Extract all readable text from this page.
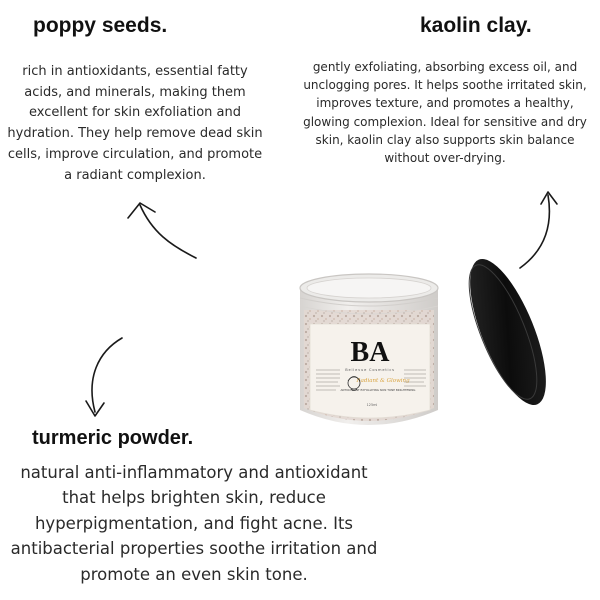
poppy seeds.

rich in antioxidants, essential fatty acids, and minerals, making them excellent for skin exfoliation and hydration. They help remove dead skin cells, improve circulation, and promote a radiant complexion.

kaolin clay.

gently exfoliating, absorbing excess oil, and unclogging pores. It helps soothe irritated skin, improves texture, and promotes a healthy, glowing complexion. Ideal for sensitive and dry skin, kaolin clay also supports skin balance without over-drying.

turmeric powder.

natural anti-inflammatory and antioxidant that helps brighten skin, reduce hyperpigmentation, and fight acne. Its antibacterial properties soothe irritation and promote an even skin tone.

BA
Bellevue Cosmetics
Radiant & Glowing
ANTIOXIDANT EXFOLIATING SKIN TONE BRIGHTENING
125ml
